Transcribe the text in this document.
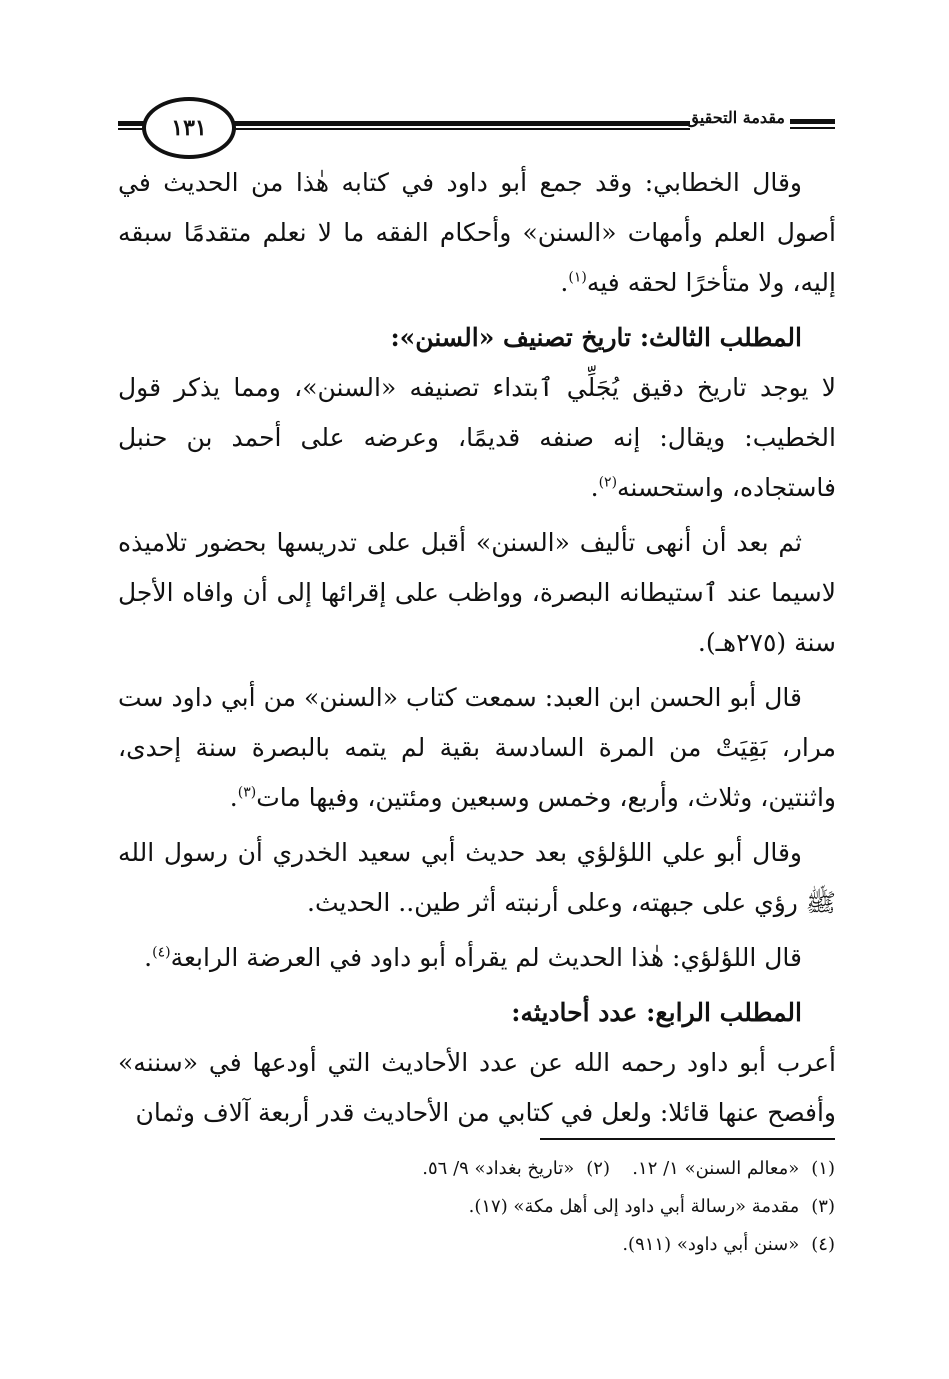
١٣١	مقدمة التحقيق

وقال الخطابي: وقد جمع أبو داود في كتابه هٰذا من الحديث في أصول العلم وأمهات «السنن» وأحكام الفقه ما لا نعلم متقدمًا سبقه إليه، ولا متأخرًا لحقه فيه$^{(١)}$.

المطلب الثالث: تاريخ تصنيف «السنن»:

لا يوجد تاريخ دقيق يُجَلِّي ٱبتداء تصنيفه «السنن»، ومما يذكر قول الخطيب: ويقال: إنه صنفه قديمًا، وعرضه على أحمد بن حنبل فاستجاده، واستحسنه$^{(٢)}$.

ثم بعد أن أنهى تأليف «السنن» أقبل على تدريسها بحضور تلاميذه لاسيما عند ٱستيطانه البصرة، وواظب على إقرائها إلى أن وافاه الأجل سنة (٢٧٥هـ).

قال أبو الحسن ابن العبد: سمعت كتاب «السنن» من أبي داود ست مرار، بَقِيَتْ من المرة السادسة بقية لم يتمه بالبصرة سنة إحدى، واثنتين، وثلاث، وأربع، وخمس وسبعين ومئتين، وفيها مات$^{(٣)}$.

وقال أبو علي اللؤلؤي بعد حديث أبي سعيد الخدري أن رسول الله ﷺ رؤي على جبهته، وعلى أرنبته أثر طين.. الحديث.

قال اللؤلؤي: هٰذا الحديث لم يقرأه أبو داود في العرضة الرابعة$^{(٤)}$.

المطلب الرابع: عدد أحاديثه:

أعرب أبو داود رحمه الله عن عدد الأحاديث التي أودعها في «سننه» وأفصح عنها قائلا: ولعل في كتابي من الأحاديث قدر أربعة آلاف وثمان

(١)«معالم السنن» ١/ ١٢.
(٢)«تاريخ بغداد» ٩/ ٥٦.
(٣)مقدمة «رسالة أبي داود إلى أهل مكة» (١٧).
(٤)«سنن أبي داود» (٩١١).
